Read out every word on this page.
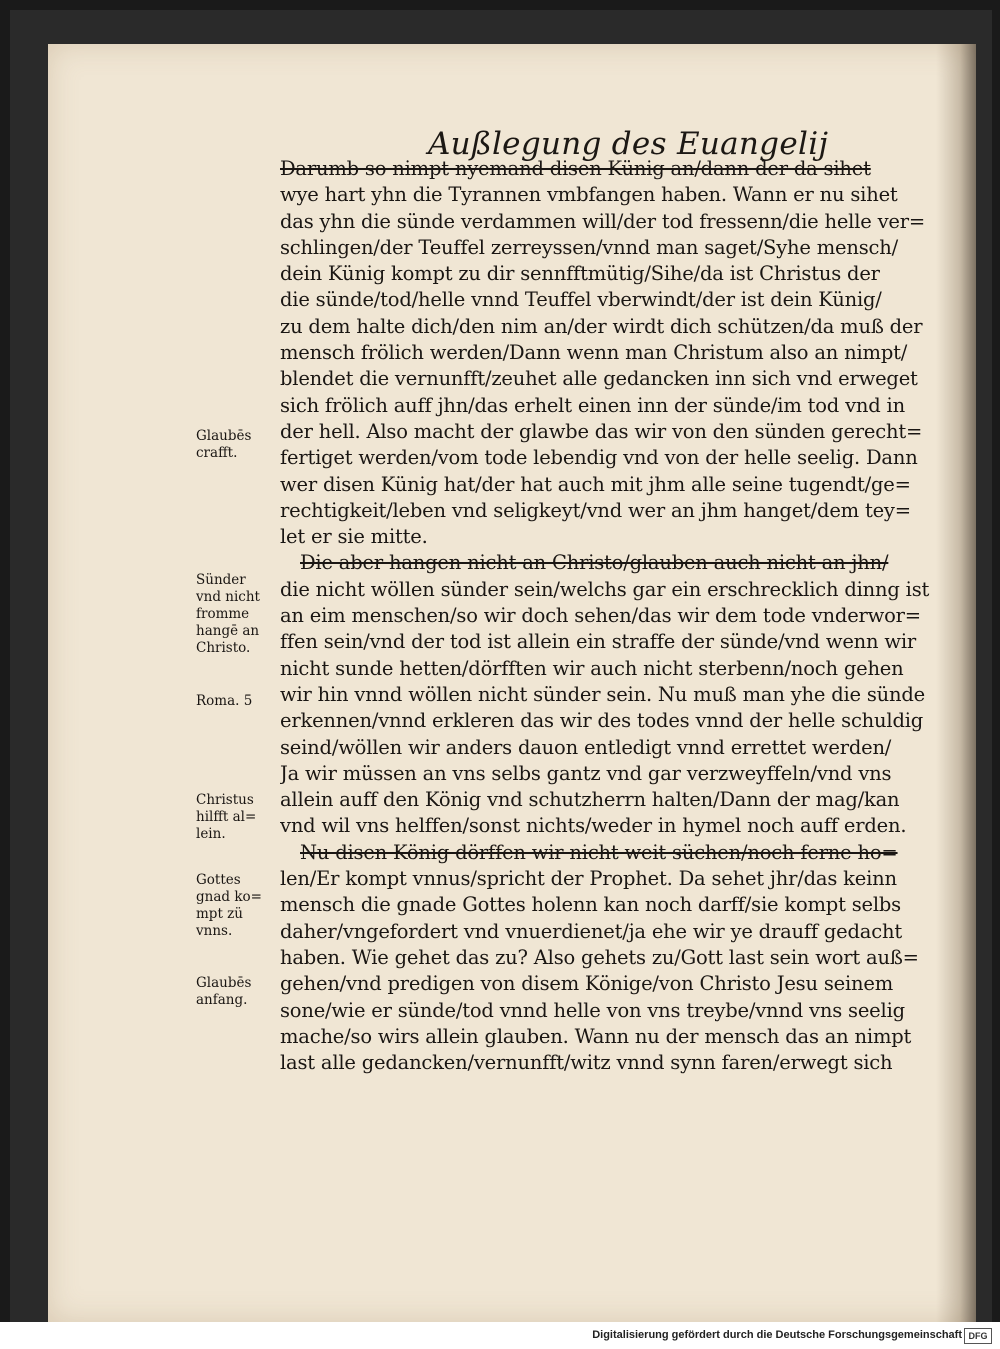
Außlegung des Euangelij
Darumb so nimpt nyemand disen Künig an/dann der da sihet
wye hart yhn die Tyrannen vmbfangen haben. Wann er nu sihet
das yhn die sünde verdammen will/der tod fressenn/die helle ver=
schlingen/der Teuffel zerreyssen/vnnd man saget/Syhe mensch/
dein Künig kompt zu dir sennfftmütig/Sihe/da ist Christus der
die sünde/tod/helle vnnd Teuffel vberwindt/der ist dein Künig/
zu dem halte dich/den nim an/der wirdt dich schützen/da muß der
mensch frölich werden/Dann wenn man Christum also an nimpt/
blendet die vernunfft/zeuhet alle gedancken inn sich vnd erweget
sich frölich auff jhn/das erhelt einen inn der sünde/im tod vnd in
der hell. Also macht der glawbe das wir von den sünden gerecht=
fertiget werden/vom tode lebendig vnd von der helle seelig. Dann
wer disen Künig hat/der hat auch mit jhm alle seine tugendt/ge=
rechtigkeit/leben vnd seligkeyt/vnd wer an jhm hanget/dem tey=
let er sie mitte.
Die aber hangen nicht an Christo/glauben auch nicht an jhn/
die nicht wöllen sünder sein/welchs gar ein erschrecklich dinng ist
an eim menschen/so wir doch sehen/das wir dem tode vnderwor=
ffen sein/vnd der tod ist allein ein straffe der sünde/vnd wenn wir
nicht sunde hetten/dörfften wir auch nicht sterbenn/noch gehen
wir hin vnnd wöllen nicht sünder sein. Nu muß man yhe die sünde
erkennen/vnnd erkleren das wir des todes vnnd der helle schuldig
seind/wöllen wir anders dauon entledigt vnnd errettet werden/
Ja wir müssen an vns selbs gantz vnd gar verzweyffeln/vnd vns
allein auff den König vnd schutzherrn halten/Dann der mag/kan
vnd wil vns helffen/sonst nichts/weder in hymel noch auff erden.
Nu disen König dörffen wir nicht weit süchen/noch ferne ho=
len/Er kompt vnnus/spricht der Prophet. Da sehet jhr/das keinn
mensch die gnade Gottes holenn kan noch darff/sie kompt selbs
daher/vngefordert vnd vnuerdienet/ja ehe wir ye drauff gedacht
haben. Wie gehet das zu? Also gehets zu/Gott last sein wort auß=
gehen/vnd predigen von disem Könige/von Christo Jesu seinem
sone/wie er sünde/tod vnnd helle von vns treybe/vnnd vns seelig
mache/so wirs allein glauben. Wann nu der mensch das an nimpt
last alle gedancken/vernunfft/witz vnnd synn faren/erwegt sich
Glaubēs
crafft.
Sünder
vnd nicht
fromme
hangē an
Christo.
Roma. 5
Christus
hilfft al=
lein.
Gottes
gnad ko=
mpt zü
vnns.
Glaubēs
anfang.
Digitalisierung gefördert durch die Deutsche Forschungsgemeinschaft DFG
